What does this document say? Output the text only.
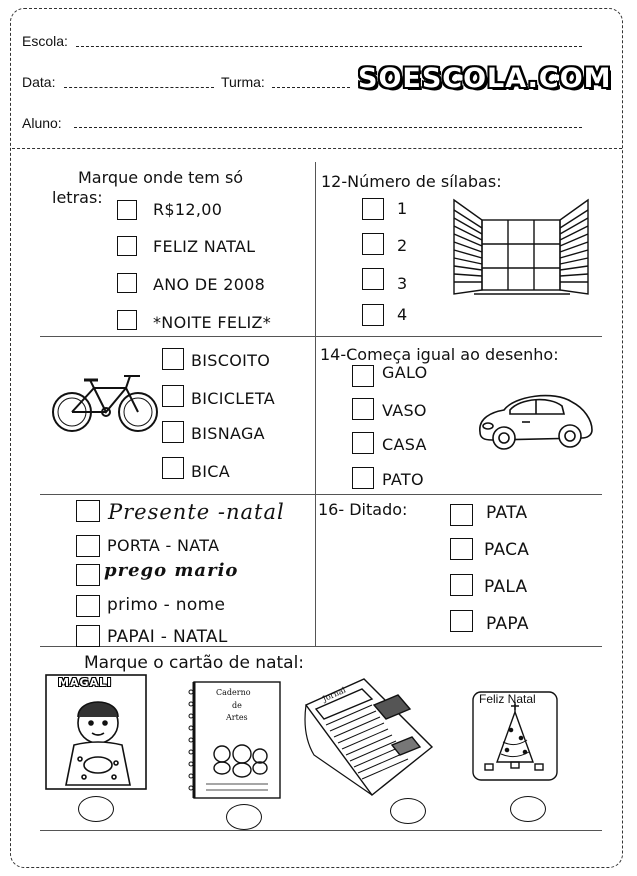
Escola:
Data:	Turma:	SOESCOLA.COM
Aluno:
Marque onde tem só
letras:
R$12,00
FELIZ NATAL
ANO DE 2008
*NOITE FELIZ*
12-Número de sílabas:
1
2
3
4
BISCOITO
BICICLETA
BISNAGA
BICA
14-Começa igual ao desenho:
GALO
VASO
CASA
PATO
Presente -natal
PORTA - NATA
prego mario
primo - nome
PAPAI - NATAL
16- Ditado:	PATA
PACA
PALA
PAPA
Marque o cartão de natal:
MAGALI
Caderno
de
Artes
Jornal	Feliz Natal
